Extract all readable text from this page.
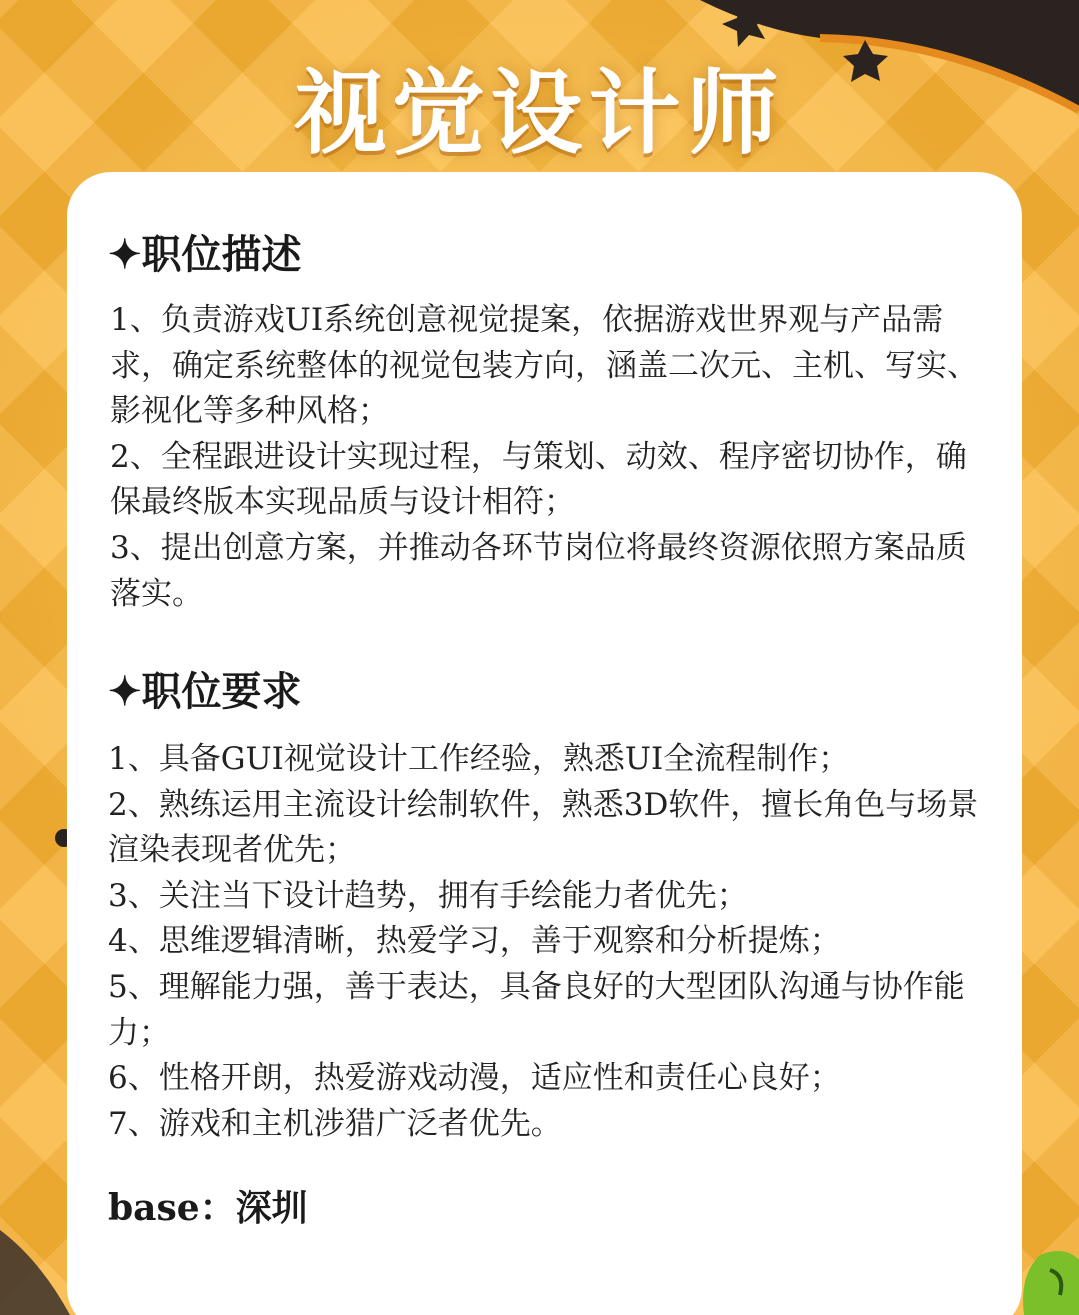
视觉设计师
✦职位描述

1、负责游戏UI系统创意视觉提案，依据游戏世界观与产品需求，确定系统整体的视觉包装方向，涵盖二次元、主机、写实、影视化等多种风格；

2、全程跟进设计实现过程，与策划、动效、程序密切协作，确保最终版本实现品质与设计相符；

3、提出创意方案，并推动各环节岗位将最终资源依照方案品质落实。

✦职位要求

1、具备GUI视觉设计工作经验，熟悉UI全流程制作；

2、熟练运用主流设计绘制软件，熟悉3D软件，擅长角色与场景渲染表现者优先；

3、关注当下设计趋势，拥有手绘能力者优先；

4、思维逻辑清晰，热爱学习，善于观察和分析提炼；

5、理解能力强，善于表达，具备良好的大型团队沟通与协作能力；

6、性格开朗，热爱游戏动漫，适应性和责任心良好；

7、游戏和主机涉猎广泛者优先。

base：深圳
